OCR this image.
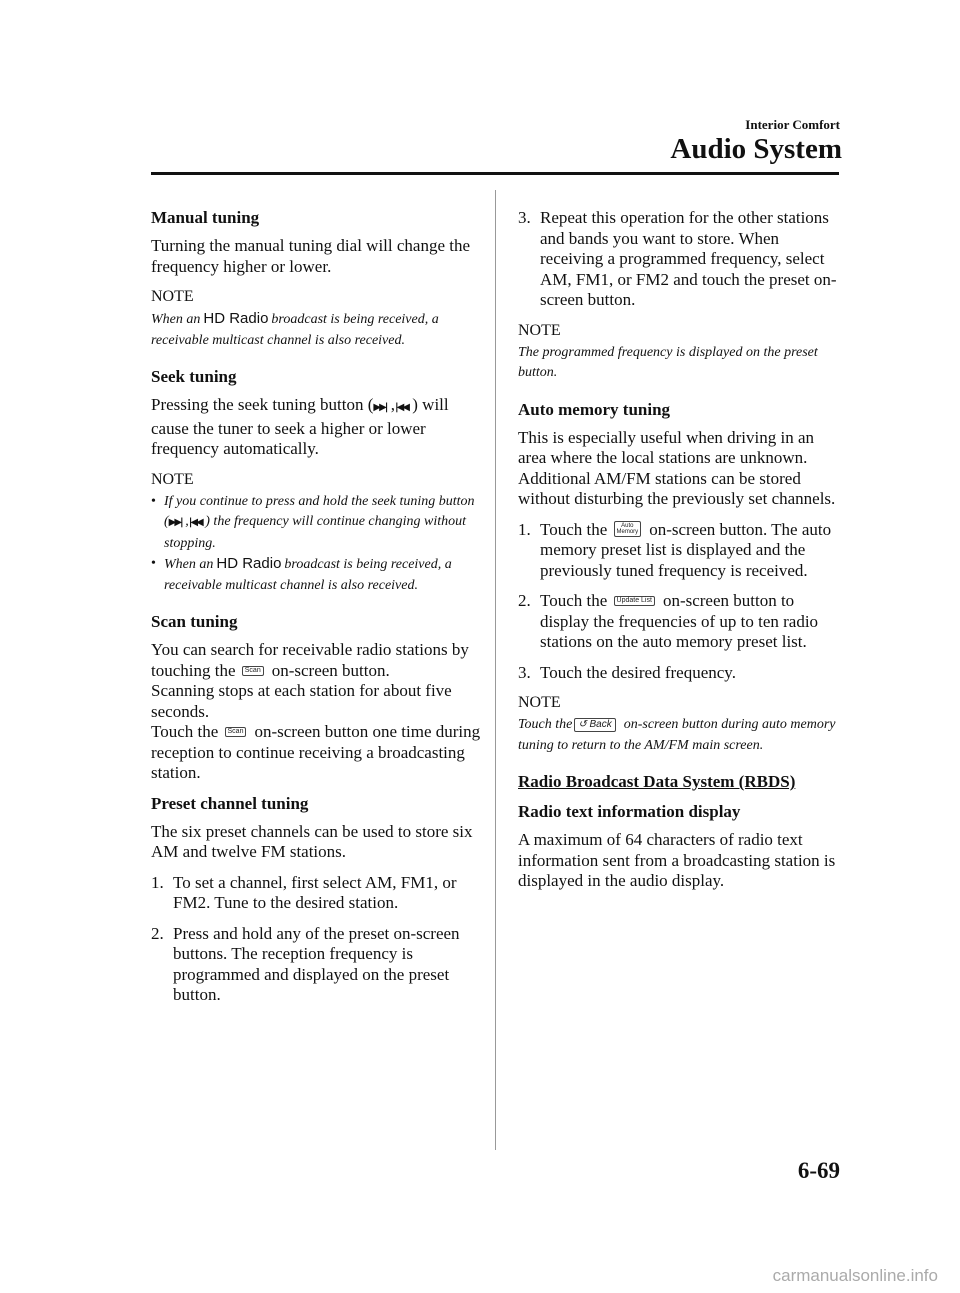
Interior Comfort
Audio System
Manual tuning

Turning the manual tuning dial will change the frequency higher or lower.

NOTE
When an HD Radio broadcast is being received, a receivable multicast channel is also received.
Seek tuning

Pressing the seek tuning button (▶▶| ,|◀◀ ) will cause the tuner to seek a higher or lower frequency automatically.

NOTE
• If you continue to press and hold the seek tuning button (▶▶| ,|◀◀ ) the frequency will continue changing without stopping.
• When an HD Radio broadcast is being received, a receivable multicast channel is also received.
Scan tuning

You can search for receivable radio stations by touching the Scan on-screen button.

Scanning stops at each station for about five seconds.

Touch the Scan on-screen button one time during reception to continue receiving a broadcasting station.

Preset channel tuning

The six preset channels can be used to store six AM and twelve FM stations.

1. To set a channel, first select AM, FM1, or FM2. Tune to the desired station.
2. Press and hold any of the preset on-screen buttons. The reception frequency is programmed and displayed on the preset button.
3. Repeat this operation for the other stations and bands you want to store. When receiving a programmed frequency, select AM, FM1, or FM2 and touch the preset on-screen button.
NOTE
The programmed frequency is displayed on the preset button.
Auto memory tuning

This is especially useful when driving in an area where the local stations are unknown. Additional AM/FM stations can be stored without disturbing the previously set channels.

1. Touch the Auto
Memory on-screen button. The auto memory preset list is displayed and the previously tuned frequency is received.
2. Touch the Update List on-screen button to display the frequencies of up to ten radio stations on the auto memory preset list.
3. Touch the desired frequency.
NOTE
Touch the ↺ Back on-screen button during auto memory tuning to return to the AM/FM main screen.
Radio Broadcast Data System (RBDS)
Radio text information display

A maximum of 64 characters of radio text information sent from a broadcasting station is displayed in the audio display.

6-69
carmanualsonline.info
